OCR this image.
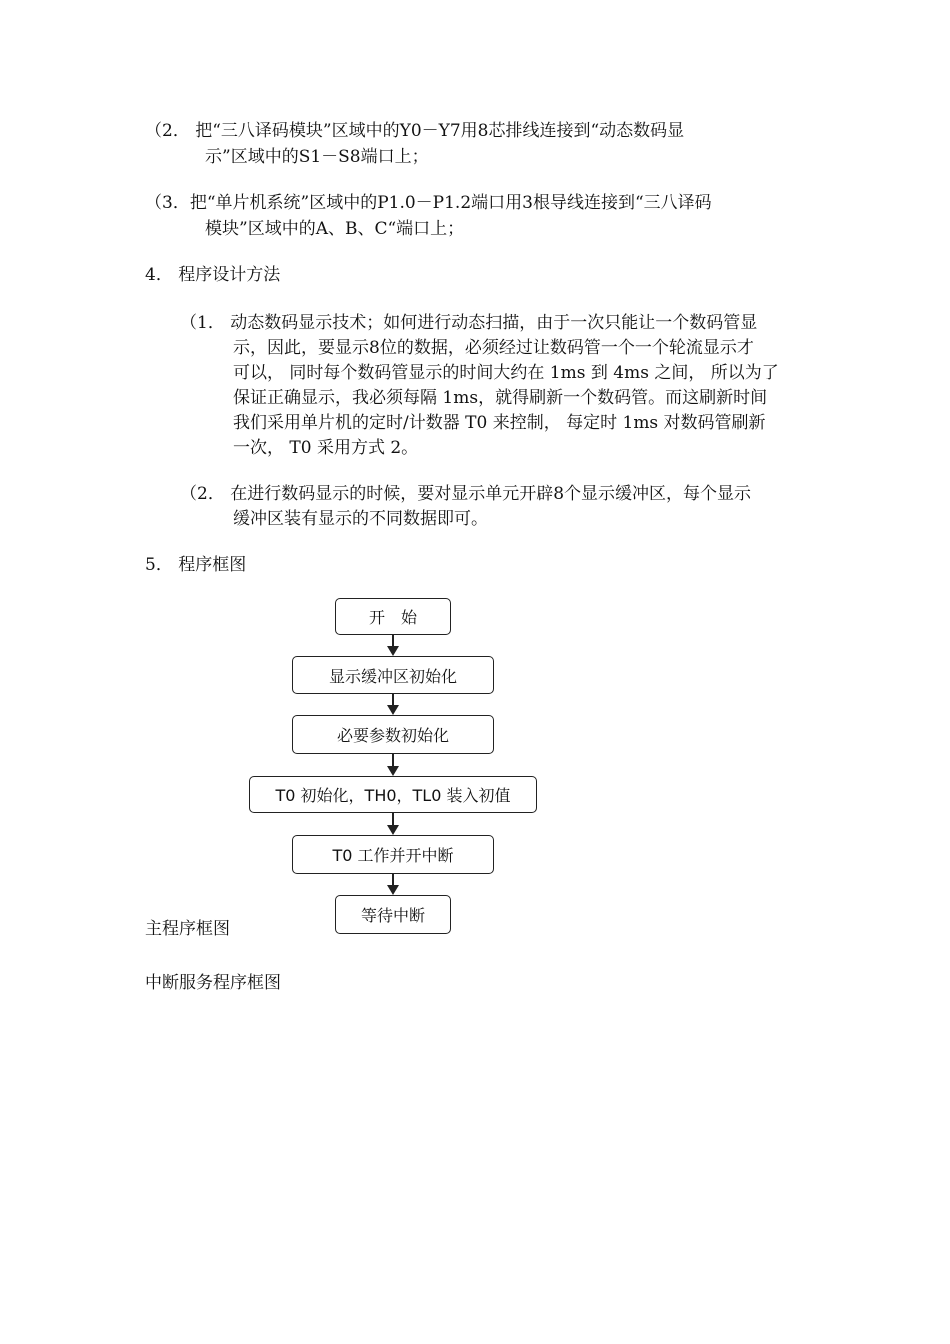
（2． 把“三八译码模块”区域中的Y0－Y7用8芯排线连接到“动态数码显
示”区域中的S1－S8端口上；
（3．把“单片机系统”区域中的P1.0－P1.2端口用3根导线连接到“三八译码
模块”区域中的A、B、C“端口上；
4． 程序设计方法
（1． 动态数码显示技术；如何进行动态扫描，由于一次只能让一个数码管显
示，因此，要显示8位的数据，必须经过让数码管一个一个轮流显示才
可以， 同时每个数码管显示的时间大约在 1ms 到 4ms 之间， 所以为了
保证正确显示，我必须每隔 1ms，就得刷新一个数码管。而这刷新时间
我们采用单片机的定时/计数器 T0 来控制， 每定时 1ms 对数码管刷新
一次， T0 采用方式 2。
（2． 在进行数码显示的时候，要对显示单元开辟8个显示缓冲区，每个显示
缓冲区装有显示的不同数据即可。
5． 程序框图
开　始
显示缓冲区初始化
必要参数初始化
T0 初始化，TH0，TL0 装入初值
T0 工作并开中断
等待中断
主程序框图
中断服务程序框图
